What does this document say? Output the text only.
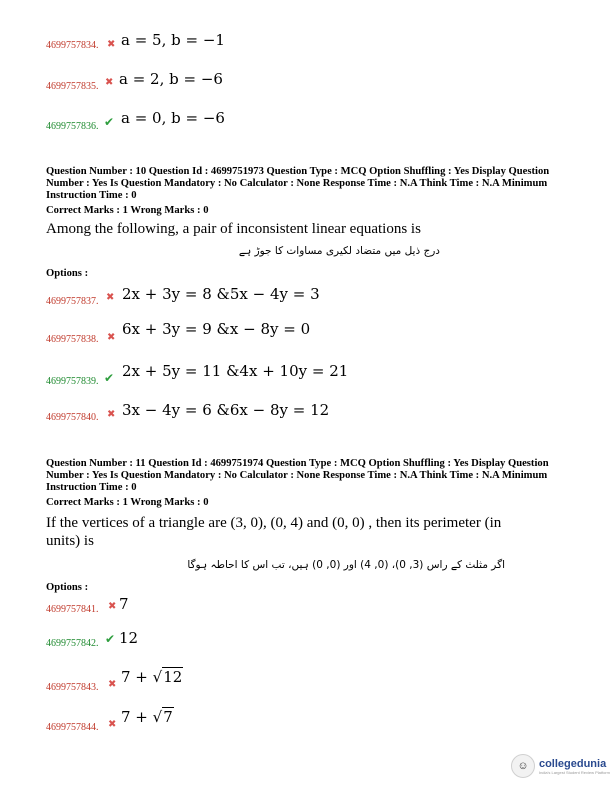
4699757834. ✖ a = 5, b = −1
4699757835. ✖ a = 2, b = −6
4699757836. ✔ a = 0, b = −6
Question Number : 10 Question Id : 4699751973 Question Type : MCQ Option Shuffling : Yes Display Question Number : Yes Is Question Mandatory : No Calculator : None Response Time : N.A Think Time : N.A Minimum Instruction Time : 0
Correct Marks : 1 Wrong Marks : 0
Among the following, a pair of inconsistent linear equations is
درج ذیل میں متضاد لکیری مساوات کا جوڑ ہے
Options :
4699757837. ✖ 2x + 3y = 8 &5x − 4y = 3
4699757838. ✖ 6x + 3y = 9 &x − 8y = 0
4699757839. ✔ 2x + 5y = 11 &4x + 10y = 21
4699757840. ✖ 3x − 4y = 6 &6x − 8y = 12
Question Number : 11 Question Id : 4699751974 Question Type : MCQ Option Shuffling : Yes Display Question Number : Yes Is Question Mandatory : No Calculator : None Response Time : N.A Think Time : N.A Minimum Instruction Time : 0
Correct Marks : 1 Wrong Marks : 0
If the vertices of a triangle are (3, 0), (0, 4) and (0, 0) , then its perimeter (in units) is
اگر مثلث کے راس (3, 0)، (0, 4) اور (0, 0) ہیں، تب اس کا احاطہ ہوگا
Options :
4699757841. ✖ 7
4699757842. ✔ 12
4699757843. ✖ 7 + √12
4699757844. ✖ 7 + √7
☺ collegedunia
India's Largest Student Review Platform
